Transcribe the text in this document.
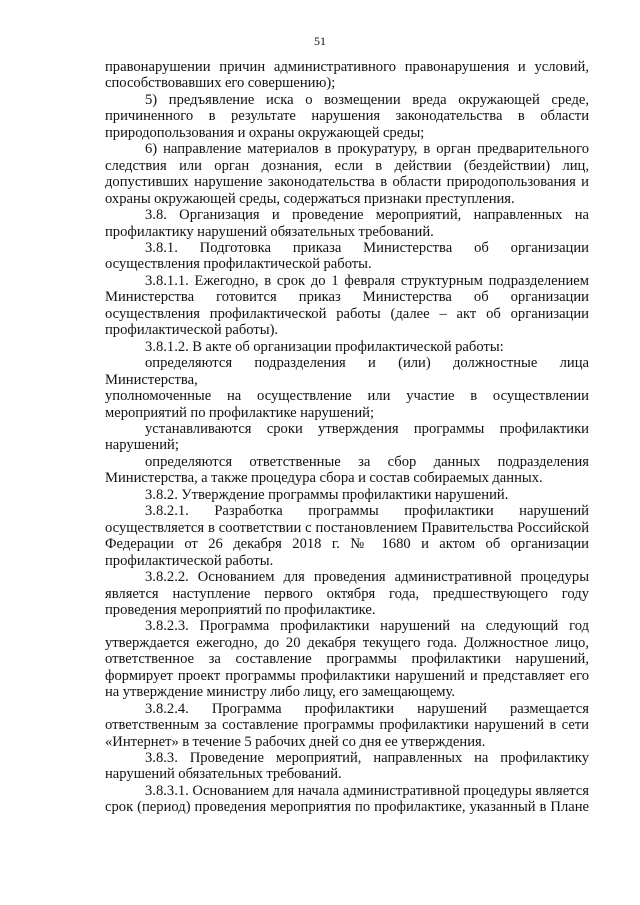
51
правонарушении причин административного правонарушения и условий,
способствовавших его совершению);
5) предъявление иска о возмещении вреда окружающей среде,
причиненного в результате нарушения законодательства в области
природопользования и охраны окружающей среды;
6) направление материалов в прокуратуру, в орган предварительного
следствия или орган дознания, если в действии (бездействии) лиц,
допустивших нарушение законодательства в области природопользования и
охраны окружающей среды, содержаться признаки преступления.
3.8. Организация и проведение мероприятий, направленных на
профилактику нарушений обязательных требований.
3.8.1. Подготовка приказа Министерства об организации
осуществления профилактической работы.
3.8.1.1. Ежегодно, в срок до 1 февраля структурным подразделением
Министерства готовится приказ Министерства об организации
осуществления профилактической работы (далее – акт об организации
профилактической работы).
3.8.1.2. В акте об организации профилактической работы:
определяются подразделения и (или) должностные лица Министерства,
уполномоченные на осуществление или участие в осуществлении
мероприятий по профилактике нарушений;
устанавливаются сроки утверждения программы профилактики
нарушений;
определяются ответственные за сбор данных подразделения
Министерства, а также процедура сбора и состав собираемых данных.
3.8.2. Утверждение программы профилактики нарушений.
3.8.2.1. Разработка программы профилактики нарушений
осуществляется в соответствии с постановлением Правительства Российской
Федерации от 26 декабря 2018 г. № 1680 и актом об организации
профилактической работы.
3.8.2.2. Основанием для проведения административной процедуры
является наступление первого октября года, предшествующего году
проведения мероприятий по профилактике.
3.8.2.3. Программа профилактики нарушений на следующий год
утверждается ежегодно, до 20 декабря текущего года. Должностное лицо,
ответственное за составление программы профилактики нарушений,
формирует проект программы профилактики нарушений и представляет его
на утверждение министру либо лицу, его замещающему.
3.8.2.4. Программа профилактики нарушений размещается
ответственным за составление программы профилактики нарушений в сети
«Интернет» в течение 5 рабочих дней со дня ее утверждения.
3.8.3. Проведение мероприятий, направленных на профилактику
нарушений обязательных требований.
3.8.3.1. Основанием для начала административной процедуры является
срок (период) проведения мероприятия по профилактике, указанный в Плане
